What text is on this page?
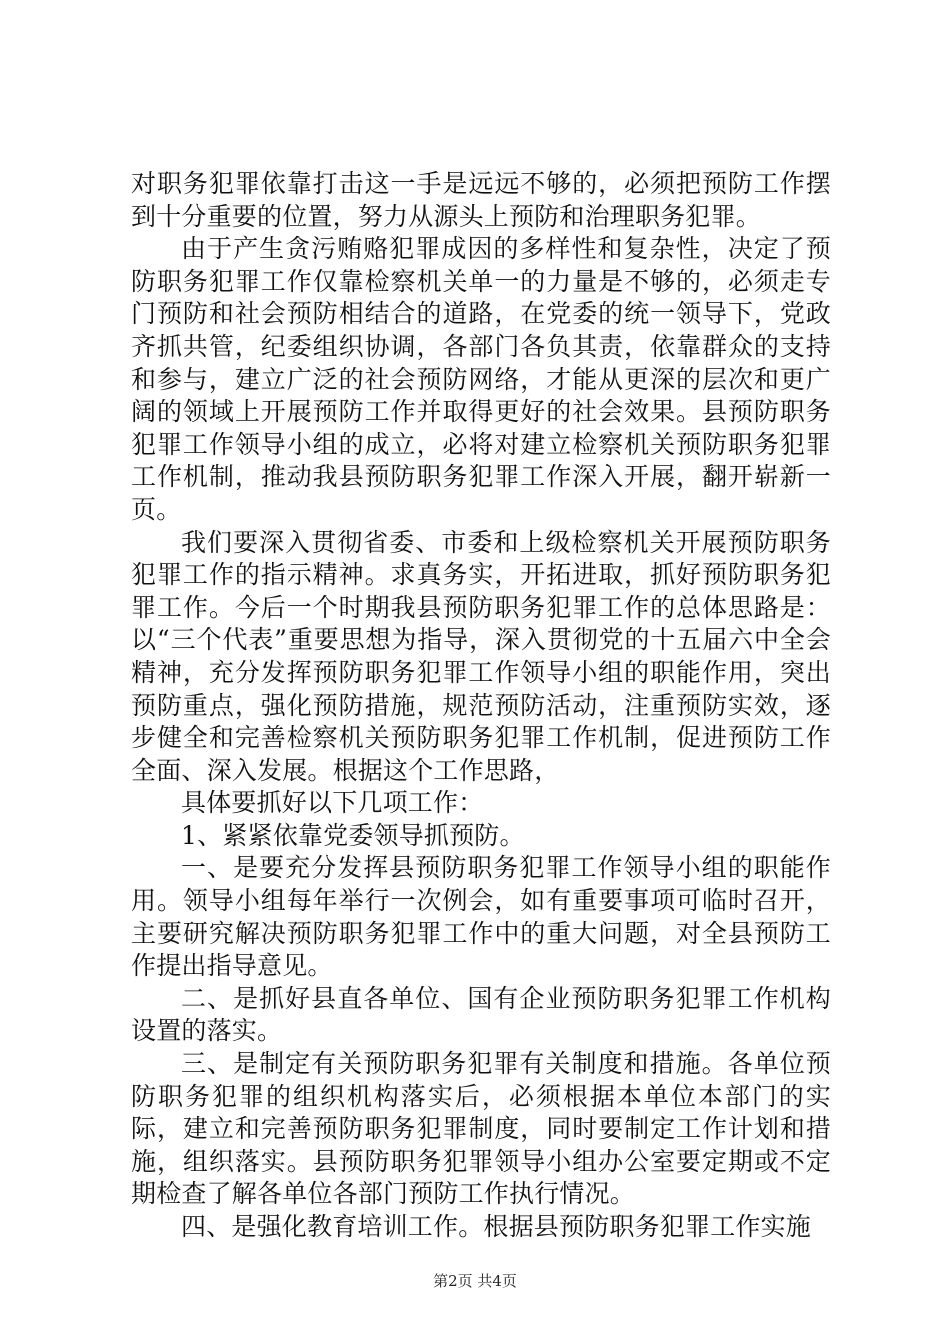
对职务犯罪依靠打击这一手是远远不够的，必须把预防工作摆到十分重要的位置，努力从源头上预防和治理职务犯罪。

由于产生贪污贿赂犯罪成因的多样性和复杂性，决定了预防职务犯罪工作仅靠检察机关单一的力量是不够的，必须走专门预防和社会预防相结合的道路，在党委的统一领导下，党政齐抓共管，纪委组织协调，各部门各负其责，依靠群众的支持和参与，建立广泛的社会预防网络，才能从更深的层次和更广阔的领域上开展预防工作并取得更好的社会效果。县预防职务犯罪工作领导小组的成立，必将对建立检察机关预防职务犯罪工作机制，推动我县预防职务犯罪工作深入开展，翻开崭新一页。

我们要深入贯彻省委、市委和上级检察机关开展预防职务犯罪工作的指示精神。求真务实，开拓进取，抓好预防职务犯罪工作。今后一个时期我县预防职务犯罪工作的总体思路是：以“三个代表”重要思想为指导，深入贯彻党的十五届六中全会精神，充分发挥预防职务犯罪工作领导小组的职能作用，突出预防重点，强化预防措施，规范预防活动，注重预防实效，逐步健全和完善检察机关预防职务犯罪工作机制，促进预防工作全面、深入发展。根据这个工作思路，

具体要抓好以下几项工作：

1、紧紧依靠党委领导抓预防。

一、是要充分发挥县预防职务犯罪工作领导小组的职能作用。领导小组每年举行一次例会，如有重要事项可临时召开，主要研究解决预防职务犯罪工作中的重大问题，对全县预防工作提出指导意见。

二、是抓好县直各单位、国有企业预防职务犯罪工作机构设置的落实。

三、是制定有关预防职务犯罪有关制度和措施。各单位预防职务犯罪的组织机构落实后，必须根据本单位本部门的实际，建立和完善预防职务犯罪制度，同时要制定工作计划和措施，组织落实。县预防职务犯罪领导小组办公室要定期或不定期检查了解各单位各部门预防工作执行情况。

四、是强化教育培训工作。根据县预防职务犯罪工作实施

第2页 共4页
